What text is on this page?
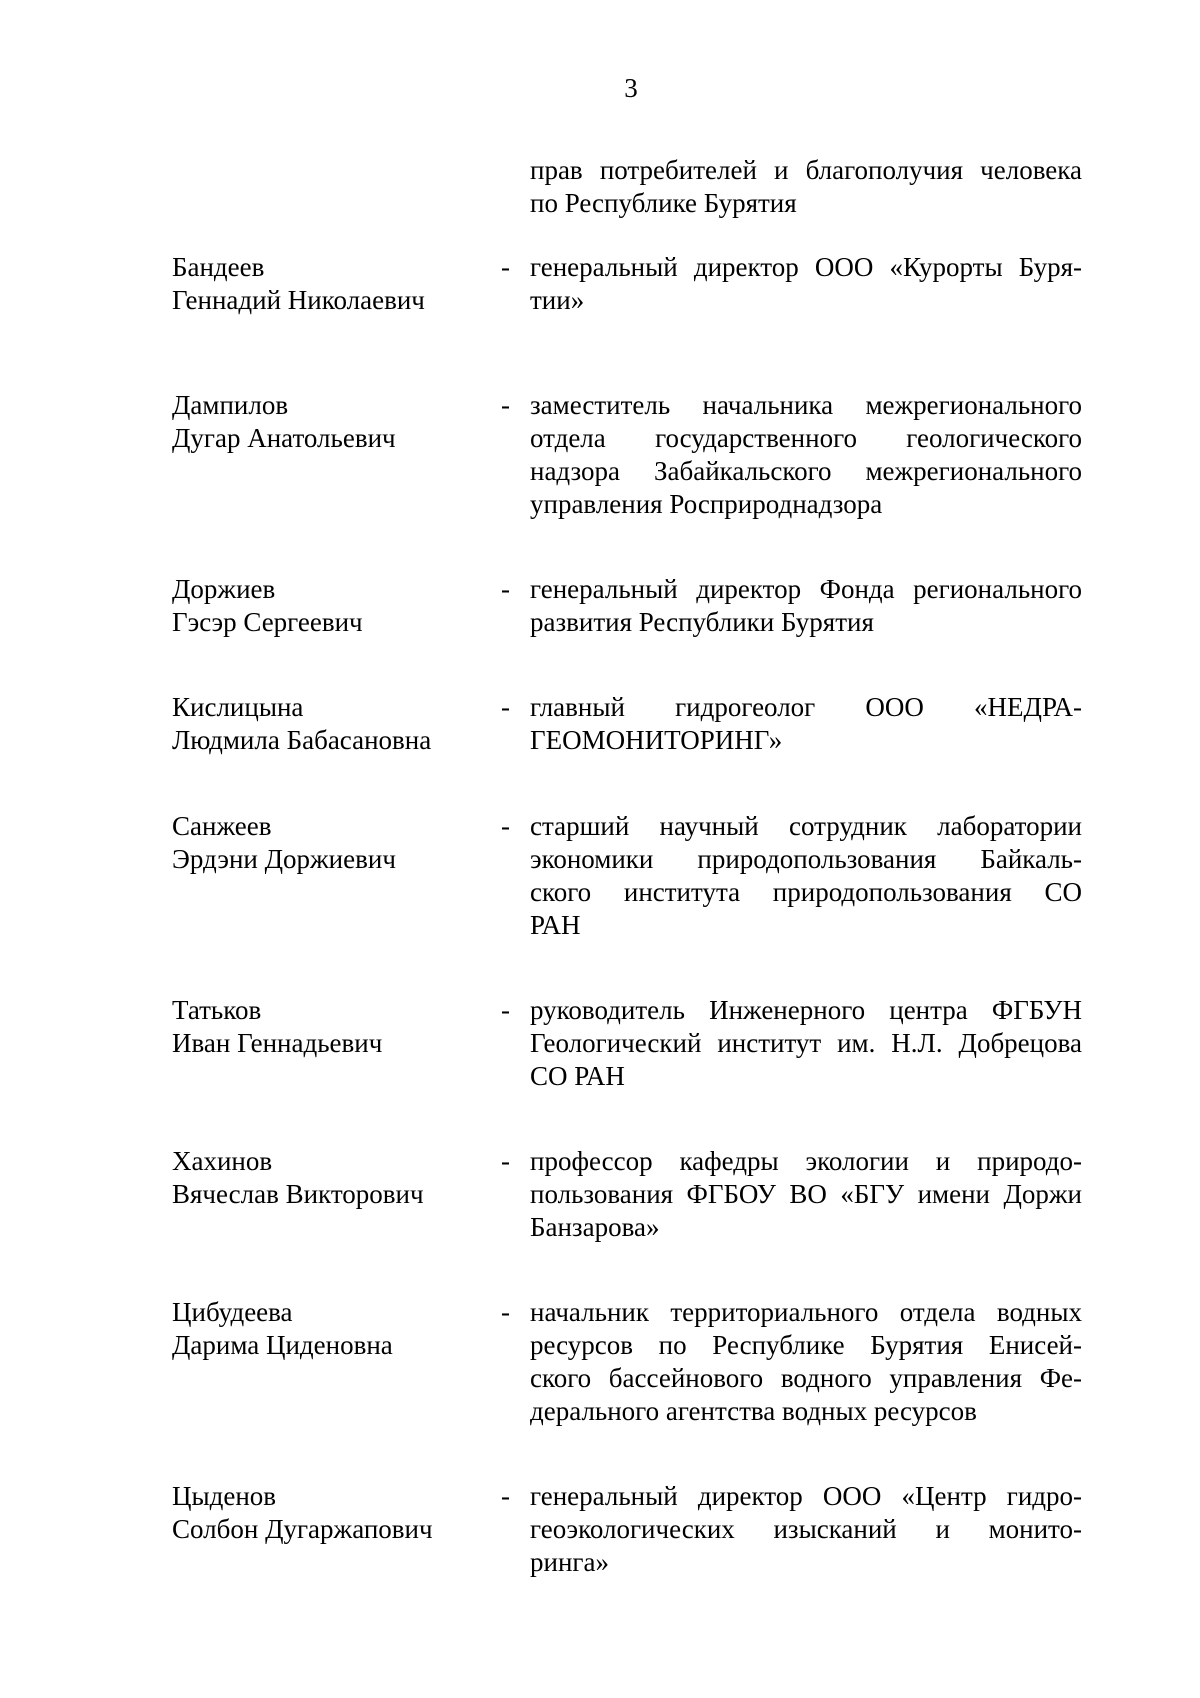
3
прав потребителей и благополучия человека
по Республике Бурятия
Бандеев
Геннадий Николаевич
- генеральный директор ООО «Курорты Буря-
тии»
Дампилов
Дугар Анатольевич
- заместитель начальника межрегионального
отдела государственного геологического
надзора Забайкальского межрегионального
управления Росприроднадзора
Доржиев
Гэсэр Сергеевич
- генеральный директор Фонда регионального
развития Республики Бурятия
Кислицына
Людмила Бабасановна
- главный гидрогеолог ООО «НЕДРА-
ГЕОМОНИТОРИНГ»
Санжеев
Эрдэни Доржиевич
- старший научный сотрудник лаборатории
экономики природопользования Байкаль-
ского института природопользования СО
РАН
Татьков
Иван Геннадьевич
- руководитель Инженерного центра ФГБУН
Геологический институт им. Н.Л. Добрецова
СО РАН
Хахинов
Вячеслав Викторович
- профессор кафедры экологии и природо-
пользования ФГБОУ ВО «БГУ имени Доржи
Банзарова»
Цибудеева
Дарима Циденовна
- начальник территориального отдела водных
ресурсов по Республике Бурятия Енисей-
ского бассейнового водного управления Фе-
дерального агентства водных ресурсов
Цыденов
Солбон Дугаржапович
- генеральный директор ООО «Центр гидро-
геоэкологических изысканий и монито-
ринга»
